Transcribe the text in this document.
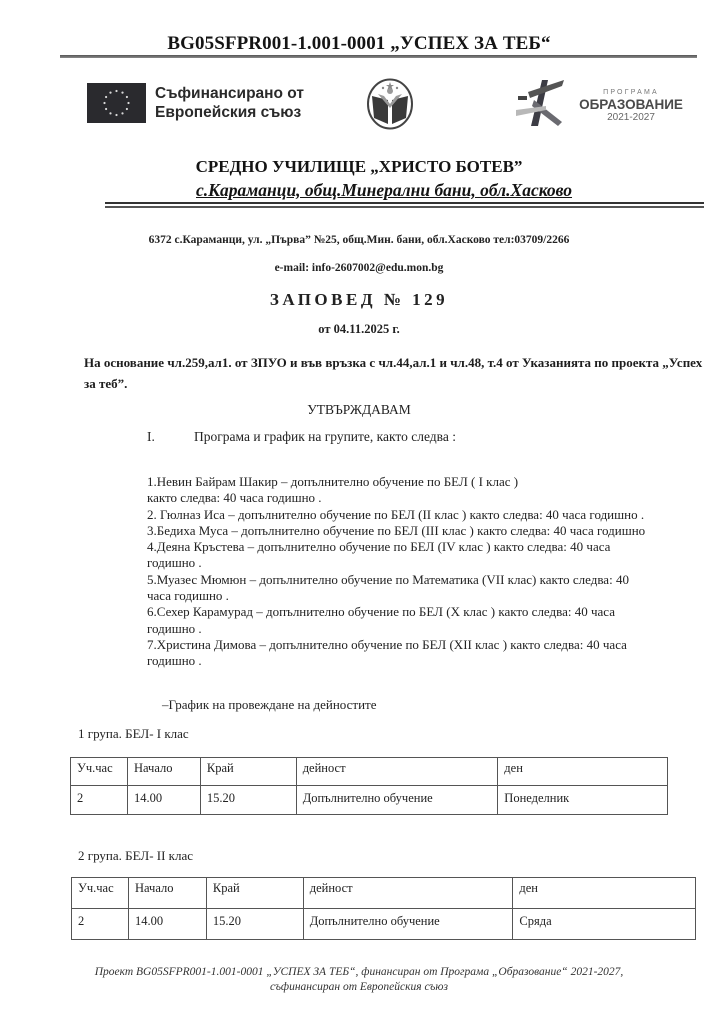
BG05SFPR001-1.001-0001 „УСПЕХ ЗА ТЕБ“
Съфинансирано от
Европейския съюз
ПРОГРАМА
ОБРАЗОВАНИЕ
2021-2027
СРЕДНО УЧИЛИЩЕ „ХРИСТО БОТЕВ”
с.Караманци, общ.Минерални бани, обл.Хасково
6372 с.Караманци, ул. „Първа” №25, общ.Мин. бани, обл.Хасково тел:03709/2266
e-mail: info-2607002@edu.mon.bg
ЗАПОВЕД № 129
от 04.11.2025 г.
На основание чл.259,ал1. от ЗПУО и във връзка с чл.44,ал.1 и чл.48, т.4 от Указанията по проекта „Успех за теб”.
УТВЪРЖДАВАМ
I.	Програма и график на групите, както следва :
1.Невин Байрам Шакир – допълнително обучение по БЕЛ ( I клас )
както следва: 40 часа годишно .
2. Гюлназ Иса – допълнително обучение по БЕЛ (II клас ) както следва: 40 часа годишно .
3.Бедиха Муса – допълнително обучение по БЕЛ (III клас ) както следва: 40 часа годишно
4.Деяна Кръстева – допълнително обучение по БЕЛ (IV клас ) както следва: 40 часа
годишно .
5.Муазес Мюмюн – допълнително обучение по Математика (VII клас) както следва: 40
часа годишно .
6.Сехер Карамурад – допълнително обучение по БЕЛ (X клас ) както следва: 40 часа
годишно .
7.Христина Димова – допълнително обучение по БЕЛ (XII клас ) както следва: 40 часа
годишно .
–График на провеждане на дейностите
1 група. БЕЛ- I клас
Уч.час	Начало	Край	дейност	ден
2	14.00	15.20	Допълнително обучение	Понеделник
2 група. БЕЛ- II клас
Уч.час	Начало	Край	дейност	ден
2	14.00	15.20	Допълнително обучение	Сряда
Проект BG05SFPR001-1.001-0001 „УСПЕХ ЗА ТЕБ“, финансиран от Програма „Образование“ 2021-2027,
съфинансиран от Европейския съюз
